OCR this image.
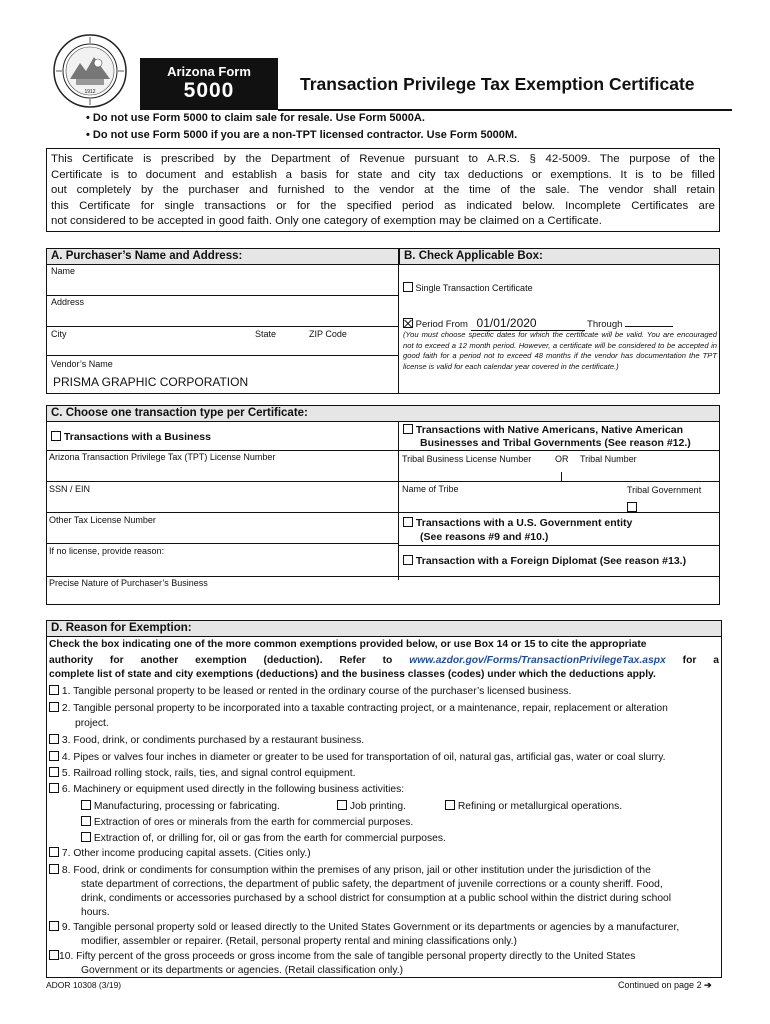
1912
Arizona Form
5000	Transaction Privilege Tax Exemption Certificate
• Do not use Form 5000 to claim sale for resale. Use Form 5000A.
• Do not use Form 5000 if you are a non-TPT licensed contractor. Use Form 5000M.

This Certificate is prescribed by the Department of Revenue pursuant to A.R.S. § 42-5009. The purpose of the

Certificate is to document and establish a basis for state and city tax deductions or exemptions. It is to be filled

out completely by the purchaser and furnished to the vendor at the time of the sale. The vendor shall retain

this Certificate for single transactions or for the specified period as indicated below. Incomplete Certificates are

not considered to be accepted in good faith. Only one category of exemption may be claimed on a Certificate.

A. Purchaser’s Name and Address:	B. Check Applicable Box:
Name
Address
City	State	ZIP Code
Vendor’s Name
PRISMA GRAPHIC CORPORATION
Single Transaction Certificate
Period From 01/01/2020	Through
(You must choose specific dates for which the certificate will be valid. You are encouraged not to exceed a 12 month period. However, a certificate will be considered to be accepted in good faith for a period not to exceed 48 months if the vendor has documentation the TPT license is valid for each calendar year covered in the certificate.)
C. Choose one transaction type per Certificate:
Transactions with a Business
Arizona Transaction Privilege Tax (TPT) License Number
SSN / EIN
Other Tax License Number
If no license, provide reason:
Precise Nature of Purchaser’s Business
Transactions with Native Americans, Native American
Businesses and Tribal Governments (See reason #12.)
Tribal Business License Number	OR Tribal Number
Name of Tribe	Tribal Government
Transactions with a U.S. Government entity
(See reasons #9 and #10.)
Transaction with a Foreign Diplomat (See reason #13.)
D. Reason for Exemption:
Check the box indicating one of the more common exemptions provided below, or use Box 14 or 15 to cite the appropriate
authority for another exemption (deduction). Refer to www.azdor.gov/Forms/TransactionPrivilegeTax.aspx for a
complete list of state and city exemptions (deductions) and the business classes (codes) under which the deductions apply.
1. Tangible personal property to be leased or rented in the ordinary course of the purchaser’s licensed business.
2. Tangible personal property to be incorporated into a taxable contracting project, or a maintenance, repair, replacement or alteration
project.
3. Food, drink, or condiments purchased by a restaurant business.
4. Pipes or valves four inches in diameter or greater to be used for transportation of oil, natural gas, artificial gas, water or coal slurry.
5. Railroad rolling stock, rails, ties, and signal control equipment.
6. Machinery or equipment used directly in the following business activities:
Manufacturing, processing or fabricating.	Job printing.	Refining or metallurgical operations.
Extraction of ores or minerals from the earth for commercial purposes.
Extraction of, or drilling for, oil or gas from the earth for commercial purposes.
7. Other income producing capital assets. (Cities only.)
8. Food, drink or condiments for consumption within the premises of any prison, jail or other institution under the jurisdiction of the
state department of corrections, the department of public safety, the department of juvenile corrections or a county sheriff. Food,
drink, condiments or accessories purchased by a school district for consumption at a public school within the district during school
hours.
9. Tangible personal property sold or leased directly to the United States Government or its departments or agencies by a manufacturer,
modifier, assembler or repairer. (Retail, personal property rental and mining classifications only.)
10. Fifty percent of the gross proceeds or gross income from the sale of tangible personal property directly to the United States
Government or its departments or agencies. (Retail classification only.)
ADOR 10308 (3/19)	Continued on page 2 ➔
